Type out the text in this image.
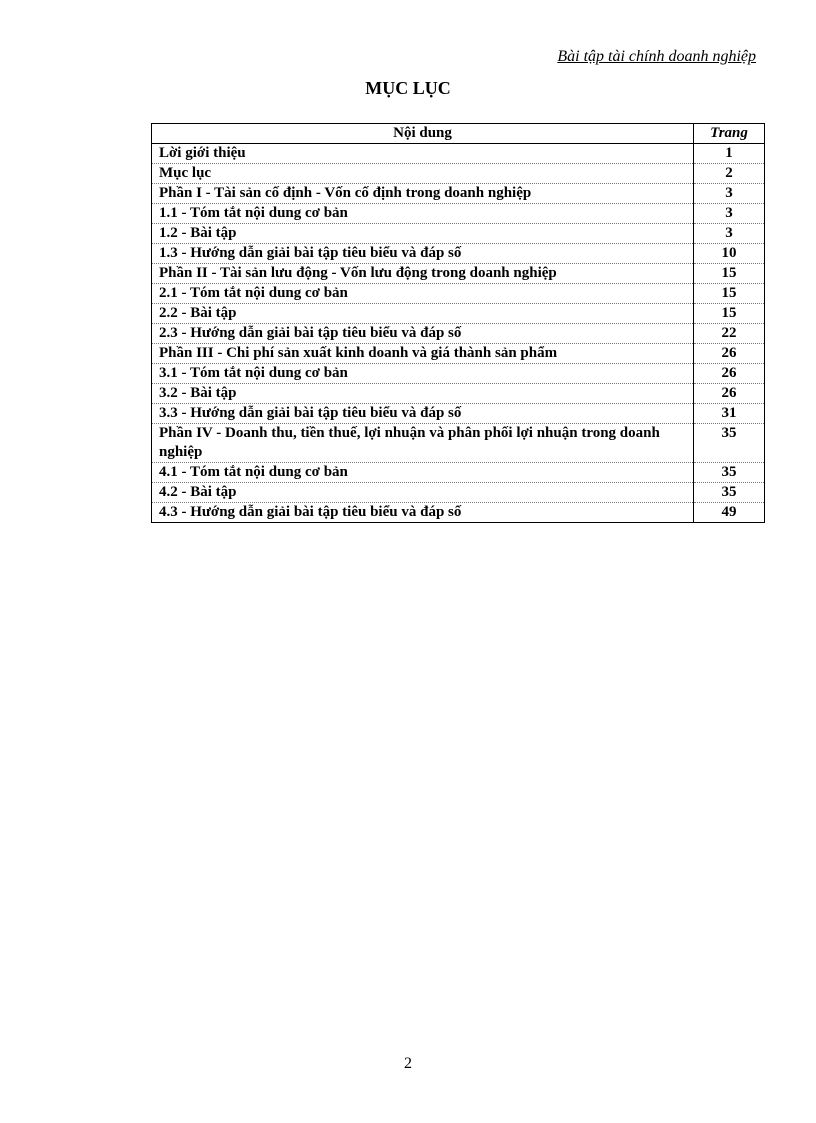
Bài tập tài chính doanh nghiệp
MỤC LỤC
Nội dung	Trang
Lời giới thiệu	1
Mục lục	2
Phần I - Tài sản cố định - Vốn cố định trong doanh nghiệp	3
1.1 - Tóm tắt nội dung cơ bản	3
1.2 - Bài tập	3
1.3 - Hướng dẫn giải bài tập tiêu biểu và đáp số	10
Phần II - Tài sản lưu động - Vốn lưu động trong doanh nghiệp	15
2.1 - Tóm tắt nội dung cơ bản	15
2.2 - Bài tập	15
2.3 - Hướng dẫn giải bài tập tiêu biểu và đáp số	22
Phần III - Chi phí sản xuất kinh doanh và giá thành sản phẩm	26
3.1 - Tóm tắt nội dung cơ bản	26
3.2 - Bài tập	26
3.3 - Hướng dẫn giải bài tập tiêu biểu và đáp số	31
Phần IV - Doanh thu, tiền thuế, lợi nhuận và phân phối lợi nhuận trong doanh nghiệp	35
4.1 - Tóm tắt nội dung cơ bản	35
4.2 - Bài tập	35
4.3 - Hướng dẫn giải bài tập tiêu biểu và đáp số	49
2
